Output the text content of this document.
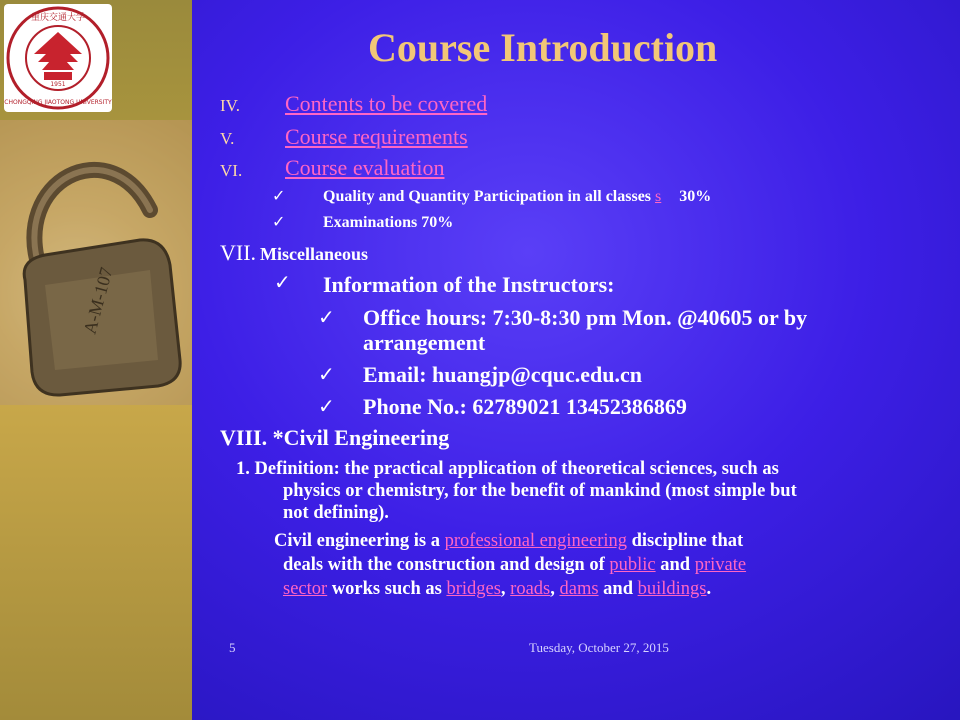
A-M-107
1951
重庆交通大学
CHONGQING JIAOTONG UNIVERSITY
Course Introduction
IV. Contents to be covered
V. Course requirements
VI. Course evaluation
✓ Quality and Quantity Participation in all classes s 30%
✓ Examinations 70%
VII. Miscellaneous
✓ Information of the Instructors:
✓ Office hours: 7:30-8:30 pm Mon. @40605 or by
arrangement
✓ Email: huangjp@cquc.edu.cn
✓ Phone No.: 62789021 13452386869
VIII. *Civil Engineering
1. Definition: the practical application of theoretical sciences, such as
physics or chemistry, for the benefit of mankind (most simple but
not defining).
Civil engineering is a professional engineering discipline that
deals with the construction and design of public and private
sector works such as bridges, roads, dams and buildings.
5	Tuesday, October 27, 2015
